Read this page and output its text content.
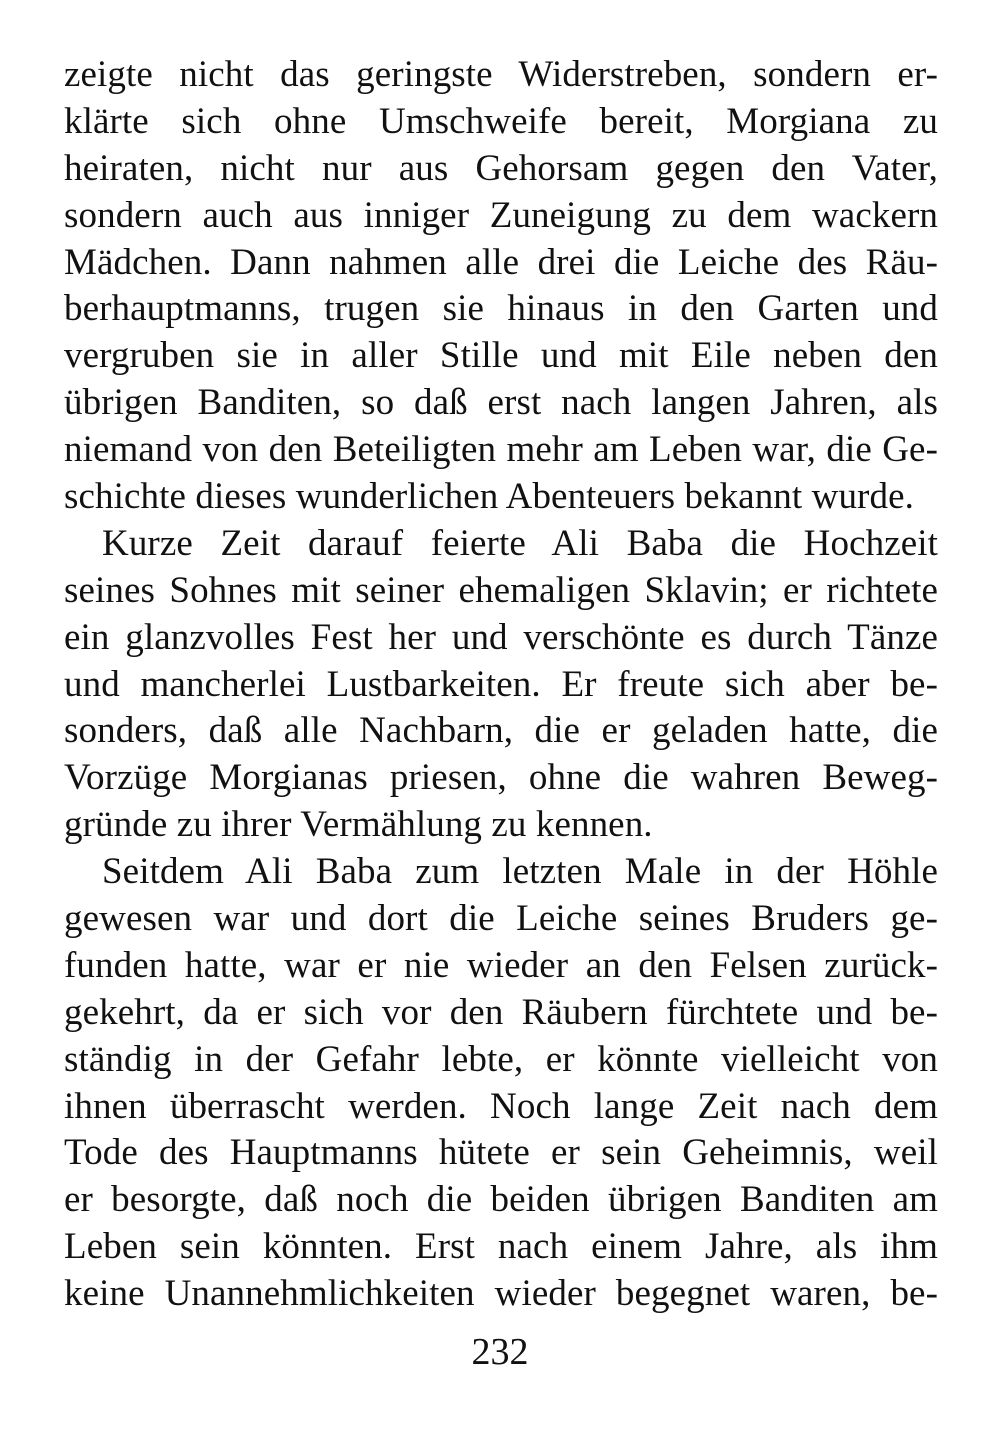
zeigte nicht das geringste Widerstreben, sondern er-
klärte sich ohne Umschweife bereit, Morgiana zu
heiraten, nicht nur aus Gehorsam gegen den Vater,
sondern auch aus inniger Zuneigung zu dem wackern
Mädchen. Dann nahmen alle drei die Leiche des Räu-
berhauptmanns, trugen sie hinaus in den Garten und
vergruben sie in aller Stille und mit Eile neben den
übrigen Banditen, so daß erst nach langen Jahren, als
niemand von den Beteiligten mehr am Leben war, die Ge-
schichte dieses wunderlichen Abenteuers bekannt wurde.
Kurze Zeit darauf feierte Ali Baba die Hochzeit
seines Sohnes mit seiner ehemaligen Sklavin; er richtete
ein glanzvolles Fest her und verschönte es durch Tänze
und mancherlei Lustbarkeiten. Er freute sich aber be-
sonders, daß alle Nachbarn, die er geladen hatte, die
Vorzüge Morgianas priesen, ohne die wahren Beweg-
gründe zu ihrer Vermählung zu kennen.
Seitdem Ali Baba zum letzten Male in der Höhle
gewesen war und dort die Leiche seines Bruders ge-
funden hatte, war er nie wieder an den Felsen zurück-
gekehrt, da er sich vor den Räubern fürchtete und be-
ständig in der Gefahr lebte, er könnte vielleicht von
ihnen überrascht werden. Noch lange Zeit nach dem
Tode des Hauptmanns hütete er sein Geheimnis, weil
er besorgte, daß noch die beiden übrigen Banditen am
Leben sein könnten. Erst nach einem Jahre, als ihm
keine Unannehmlichkeiten wieder begegnet waren, be-
232
